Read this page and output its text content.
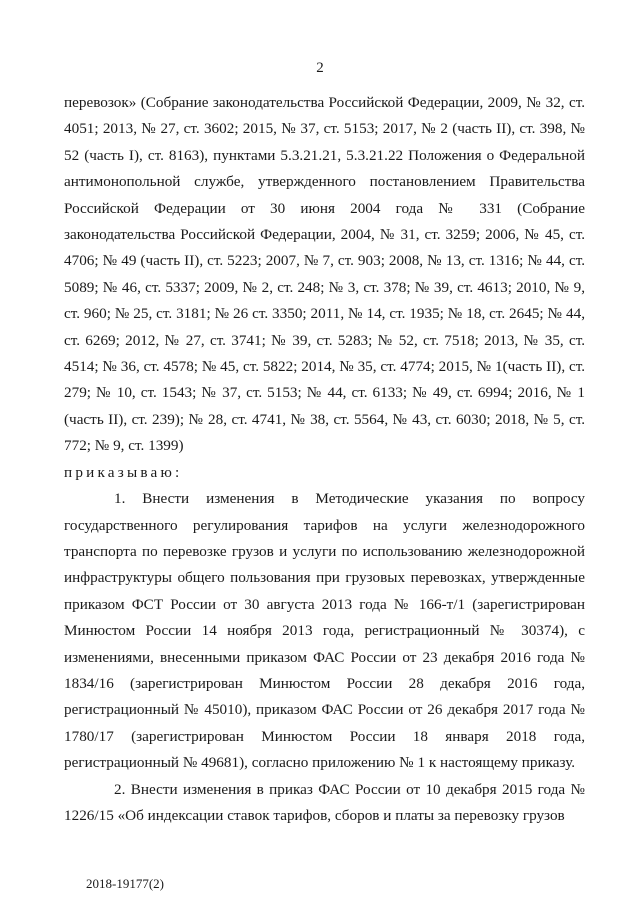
2

перевозок» (Собрание законодательства Российской Федерации, 2009, № 32, ст. 4051; 2013, № 27, ст. 3602; 2015, № 37, ст. 5153; 2017, № 2 (часть II), ст. 398, № 52 (часть I), ст. 8163), пунктами 5.3.21.21, 5.3.21.22 Положения о Федеральной антимонопольной службе, утвержденного постановлением Правительства Российской Федерации от 30 июня 2004 года № 331 (Собрание законодательства Российской Федерации, 2004, № 31, ст. 3259; 2006, № 45, ст. 4706; № 49 (часть II), ст. 5223; 2007, № 7, ст. 903; 2008, № 13, ст. 1316; № 44, ст. 5089; № 46, ст. 5337; 2009, № 2, ст. 248; № 3, ст. 378; № 39, ст. 4613; 2010, № 9, ст. 960; № 25, ст. 3181; № 26 ст. 3350; 2011, № 14, ст. 1935; № 18, ст. 2645; № 44, ст. 6269; 2012, № 27, ст. 3741; № 39, ст. 5283; № 52, ст. 7518; 2013, № 35, ст. 4514; № 36, ст. 4578; № 45, ст. 5822; 2014, № 35, ст. 4774; 2015, № 1(часть II), ст. 279; № 10, ст. 1543; № 37, ст. 5153; № 44, ст. 6133; № 49, ст. 6994; 2016, № 1 (часть II), ст. 239); № 28, ст. 4741, № 38, ст. 5564, № 43, ст. 6030; 2018, № 5, ст. 772; № 9, ст. 1399)

приказываю:

1. Внести изменения в Методические указания по вопросу государственного регулирования тарифов на услуги железнодорожного транспорта по перевозке грузов и услуги по использованию железнодорожной инфраструктуры общего пользования при грузовых перевозках, утвержденные приказом ФСТ России от 30 августа 2013 года № 166-т/1 (зарегистрирован Минюстом России 14 ноября 2013 года, регистрационный № 30374), с изменениями, внесенными приказом ФАС России от 23 декабря 2016 года № 1834/16 (зарегистрирован Минюстом России 28 декабря 2016 года, регистрационный № 45010), приказом ФАС России от 26 декабря 2017 года № 1780/17 (зарегистрирован Минюстом России 18 января 2018 года, регистрационный № 49681), согласно приложению № 1 к настоящему приказу.

2. Внести изменения в приказ ФАС России от 10 декабря 2015 года № 1226/15 «Об индексации ставок тарифов, сборов и платы за перевозку грузов

2018-19177(2)
